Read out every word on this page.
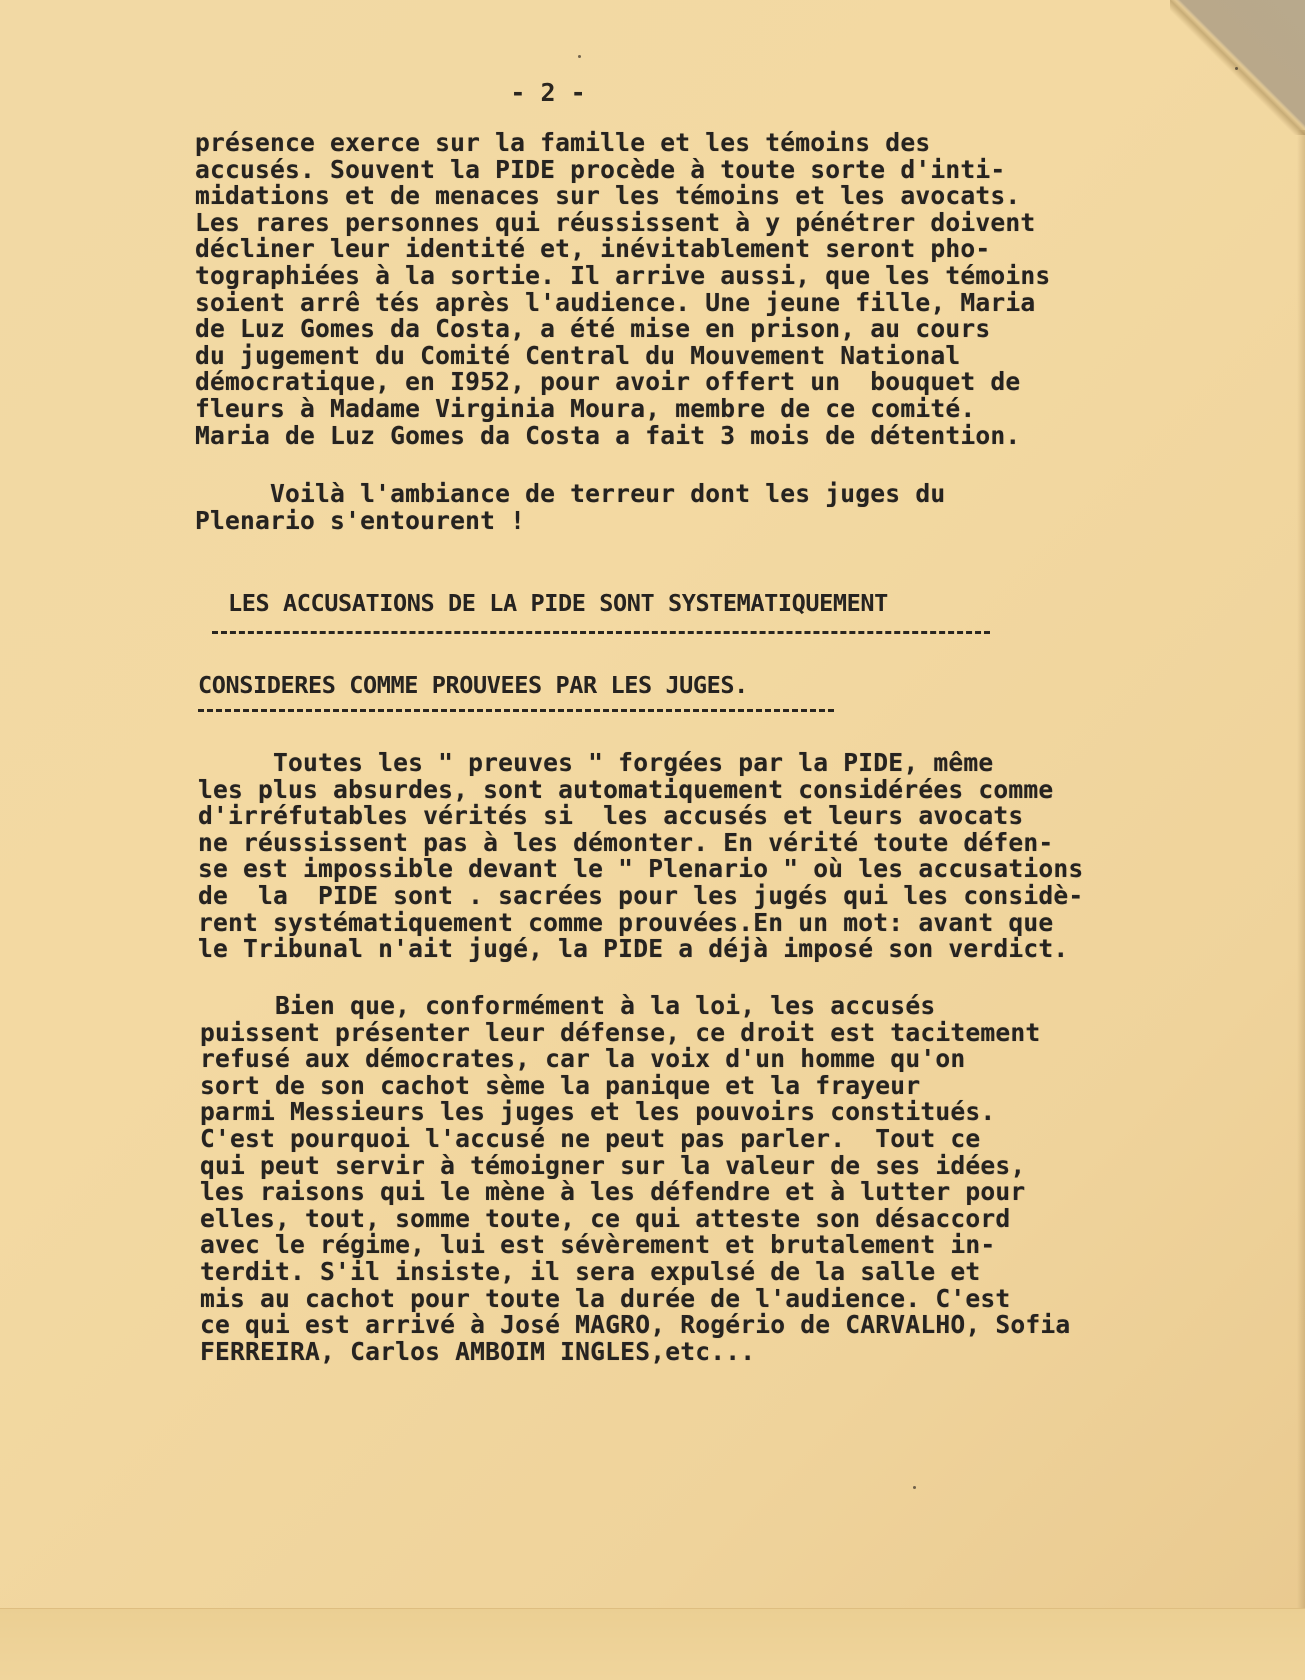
- 2 -

présence exerce sur la famille et les témoins des
accusés. Souvent la PIDE procède à toute sorte d'inti-
midations et de menaces sur les témoins et les avocats.
Les rares personnes qui réussissent à y pénétrer doivent
décliner leur identité et, inévitablement seront pho-
tographiées à la sortie. Il arrive aussi, que les témoins
soient arrê tés après l'audience. Une jeune fille, Maria
de Luz Gomes da Costa, a été mise en prison, au cours
du jugement du Comité Central du Mouvement National
démocratique, en I952, pour avoir offert un  bouquet de
fleurs à Madame Virginia Moura, membre de ce comité.
Maria de Luz Gomes da Costa a fait 3 mois de détention.

Voilà l'ambiance de terreur dont les juges du
Plenario s'entourent !

LES ACCUSATIONS DE LA PIDE SONT SYSTEMATIQUEMENT
CONSIDERES COMME PROUVEES PAR LES JUGES.

Toutes les " preuves " forgées par la PIDE, même
les plus absurdes, sont automatiquement considérées comme
d'irréfutables vérités si  les accusés et leurs avocats
ne réussissent pas à les démonter. En vérité toute défen-
se est impossible devant le " Plenario " où les accusations
de  la  PIDE sont . sacrées pour les jugés qui les considè-
rent systématiquement comme prouvées.En un mot: avant que
le Tribunal n'ait jugé, la PIDE a déjà imposé son verdict.

Bien que, conformément à la loi, les accusés
puissent présenter leur défense, ce droit est tacitement
refusé aux démocrates, car la voix d'un homme qu'on
sort de son cachot sème la panique et la frayeur
parmi Messieurs les juges et les pouvoirs constitués.
C'est pourquoi l'accusé ne peut pas parler.  Tout ce
qui peut servir à témoigner sur la valeur de ses idées,
les raisons qui le mène à les défendre et à lutter pour
elles, tout, somme toute, ce qui atteste son désaccord
avec le régime, lui est sévèrement et brutalement in-
terdit. S'il insiste, il sera expulsé de la salle et
mis au cachot pour toute la durée de l'audience. C'est
ce qui est arrivé à José MAGRO, Rogério de CARVALHO, Sofia
FERREIRA, Carlos AMBOIM INGLES,etc...
